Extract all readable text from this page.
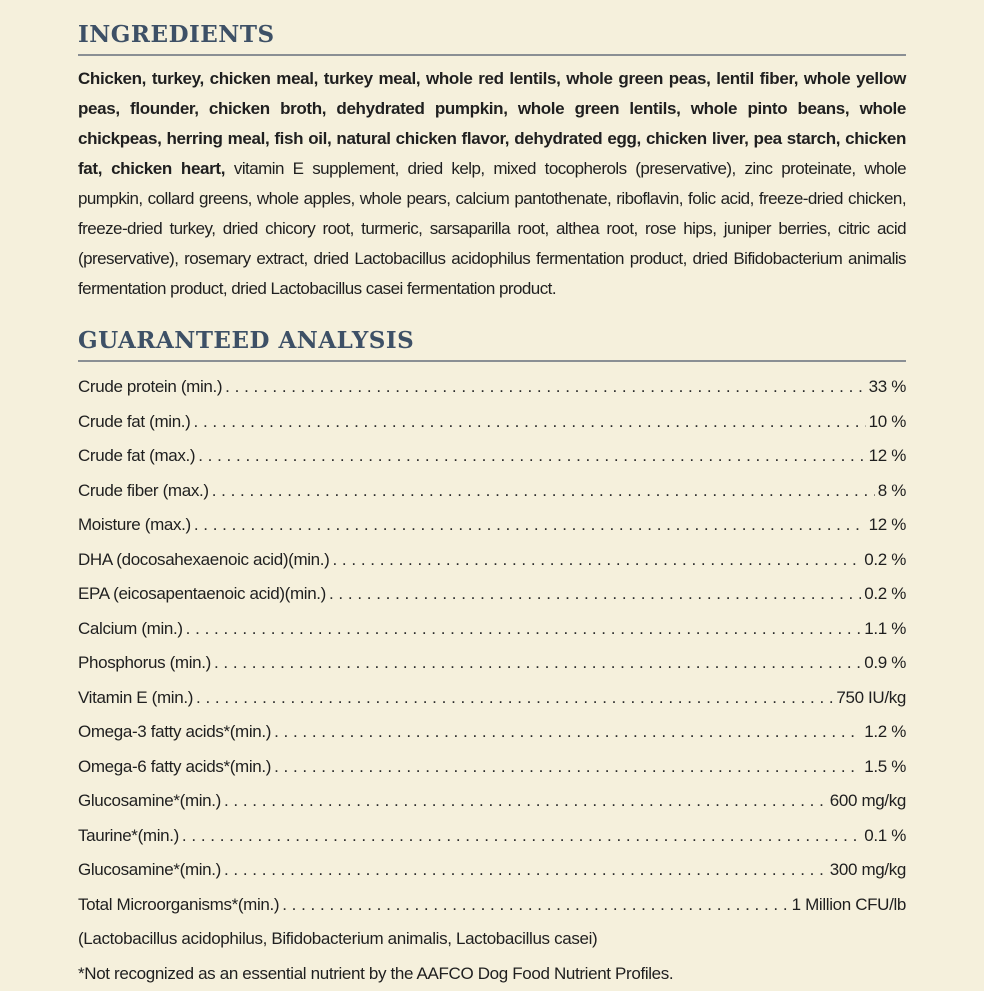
INGREDIENTS

Chicken, turkey, chicken meal, turkey meal, whole red lentils, whole green peas, lentil fiber, whole yellow peas, flounder, chicken broth, dehydrated pumpkin, whole green lentils, whole pinto beans, whole chickpeas, herring meal, fish oil, natural chicken flavor, dehydrated egg, chicken liver, pea starch, chicken fat, chicken heart, vitamin E supplement, dried kelp, mixed tocopherols (preservative), zinc proteinate, whole pumpkin, collard greens, whole apples, whole pears, calcium pantothenate, riboflavin, folic acid, freeze-dried chicken, freeze-dried turkey, dried chicory root, turmeric, sarsaparilla root, althea root, rose hips, juniper berries, citric acid (preservative), rosemary extract, dried Lactobacillus acidophilus fermentation product, dried Bifidobacterium animalis fermentation product, dried Lactobacillus casei fermentation product.

GUARANTEED ANALYSIS
Crude protein (min.) . . .	33 %
Crude fat (min.) . . .	10 %
Crude fat (max.) . . .	12 %
Crude fiber (max.) . . .	8 %
Moisture (max.) . . .	12 %
DHA (docosahexaenoic acid)(min.) . . .	0.2 %
EPA (eicosapentaenoic acid)(min.) . . .	0.2 %
Calcium (min.) . . .	1.1 %
Phosphorus (min.) . . .	0.9 %
Vitamin E (min.) . . .	750 IU/kg
Omega-3 fatty acids*(min.) . . .	1.2 %
Omega-6 fatty acids*(min.) . . .	1.5 %
Glucosamine*(min.) . . .	600 mg/kg
Taurine*(min.) . . .	0.1 %
Glucosamine*(min.) . . .	300 mg/kg
Total Microorganisms*(min.) . . .	1 Million CFU/lb
(Lactobacillus acidophilus, Bifidobacterium animalis, Lactobacillus casei)
*Not recognized as an essential nutrient by the AAFCO Dog Food Nutrient Profiles.
